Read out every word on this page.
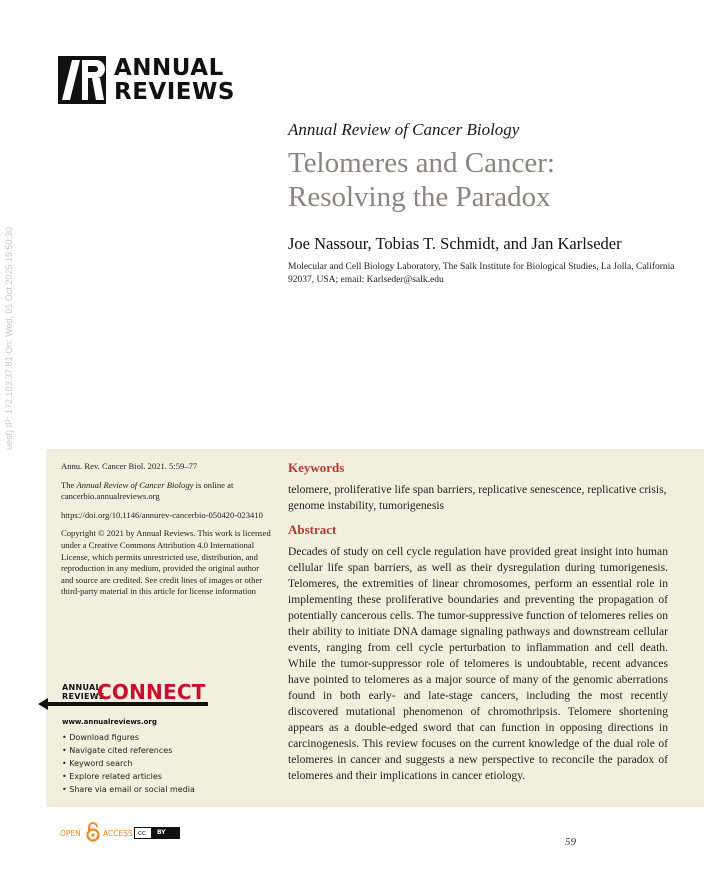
ANNUAL
REVIEWS
Annual Review of Cancer Biology
Telomeres and Cancer:
Resolving the Paradox
Joe Nassour, Tobias T. Schmidt, and Jan Karlseder
Molecular and Cell Biology Laboratory, The Salk Institute for Biological Studies, La Jolla, California 92037, USA; email: Karlseder@salk.edu
uest) IP: 172.103.37.81 On: Wed, 01 Oct 2025 19:50:30

Annu. Rev. Cancer Biol. 2021. 5:59–77

The Annual Review of Cancer Biology is online at cancerbio.annualreviews.org

https://doi.org/10.1146/annurev-cancerbio-050420-023410

Copyright © 2021 by Annual Reviews. This work is licensed under a Creative Commons Attribution 4.0 International License, which permits unrestricted use, distribution, and reproduction in any medium, provided the original author and source are credited. See credit lines of images or other third-party material in this article for license information

ANNUAL
REVIEWS
CONNECT
www.annualreviews.org
• Download figures
• Navigate cited references
• Keyword search
• Explore related articles
• Share via email or social media
Keywords

telomere, proliferative life span barriers, replicative senescence, replicative crisis, genome instability, tumorigenesis

Abstract

Decades of study on cell cycle regulation have provided great insight into human cellular life span barriers, as well as their dysregulation during tumorigenesis. Telomeres, the extremities of linear chromosomes, perform an essential role in implementing these proliferative boundaries and preventing the propagation of potentially cancerous cells. The tumor-suppressive function of telomeres relies on their ability to initiate DNA damage signaling pathways and downstream cellular events, ranging from cell cycle perturbation to inflammation and cell death. While the tumor-suppressor role of telomeres is undoubtable, recent advances have pointed to telomeres as a major source of many of the genomic aberrations found in both early- and late-stage cancers, including the most recently discovered mutational phenomenon of chromothripsis. Telomere shortening appears as a double-edged sword that can function in opposing directions in carcinogenesis. This review focuses on the current knowledge of the dual role of telomeres in cancer and suggests a new perspective to reconcile the paradox of telomeres and their implications in cancer etiology.

OPEN	ACCESS cc BY
59
